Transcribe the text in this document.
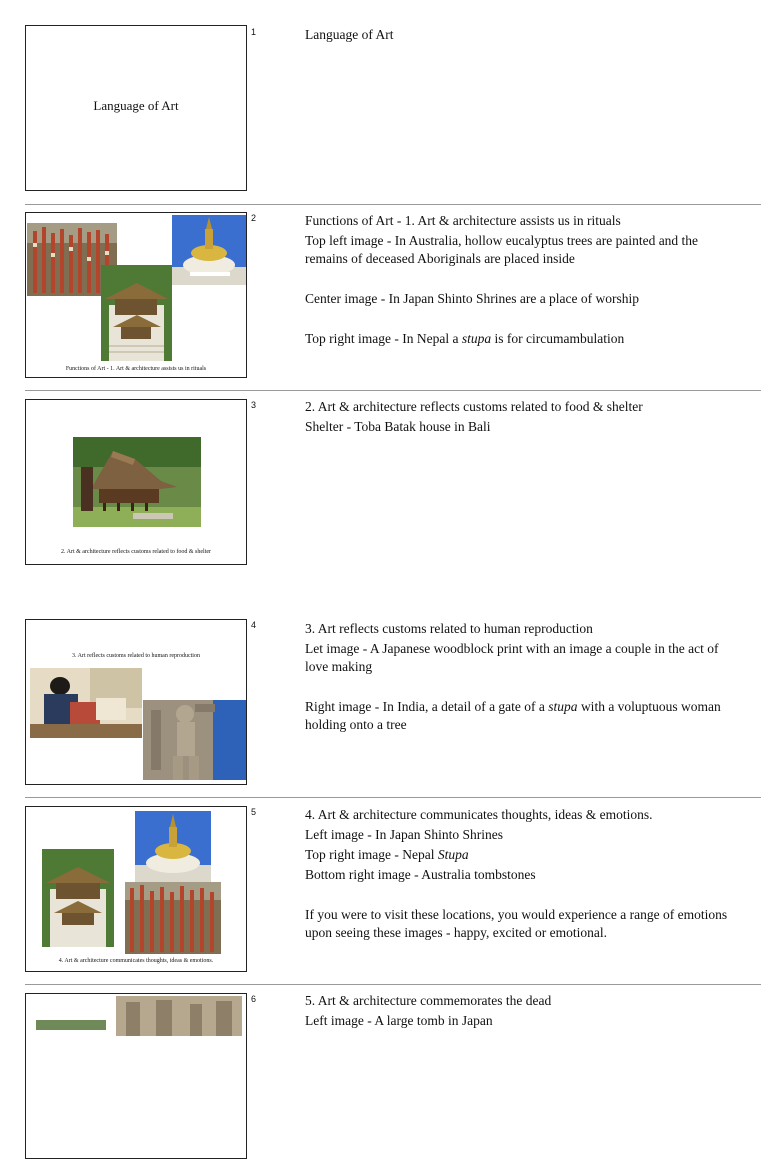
Language of Art
1	Language of Art

Functions of Art - 1. Art & architecture assists us in rituals
2	Functions of Art - 1. Art & architecture assists us in rituals

Top left image - In Australia, hollow eucalyptus trees are painted and the remains of deceased Aboriginals are placed inside

Center image - In Japan Shinto Shrines are a place of worship

Top right image - In Nepal a stupa is for circumambulation

2. Art & architecture reflects customs related to food & shelter
3	2. Art & architecture reflects customs related to food & shelter

Shelter - Toba Batak house in Bali

3. Art reflects customs related to human reproduction
4	3. Art reflects customs related to human reproduction

Let image - A Japanese woodblock print with an image a couple in the act of love making

Right image - In India, a detail of a gate of a stupa with a voluptuous woman holding onto a tree

4. Art & architecture communicates thoughts, ideas & emotions.
5	4. Art & architecture communicates thoughts, ideas & emotions.

Left image - In Japan Shinto Shrines

Top right image - Nepal Stupa

Bottom right image - Australia tombstones

If you were to visit these locations, you would experience a range of emotions upon seeing these images - happy, excited or emotional.

6	5. Art & architecture commemorates the dead

Left image - A large tomb in Japan
